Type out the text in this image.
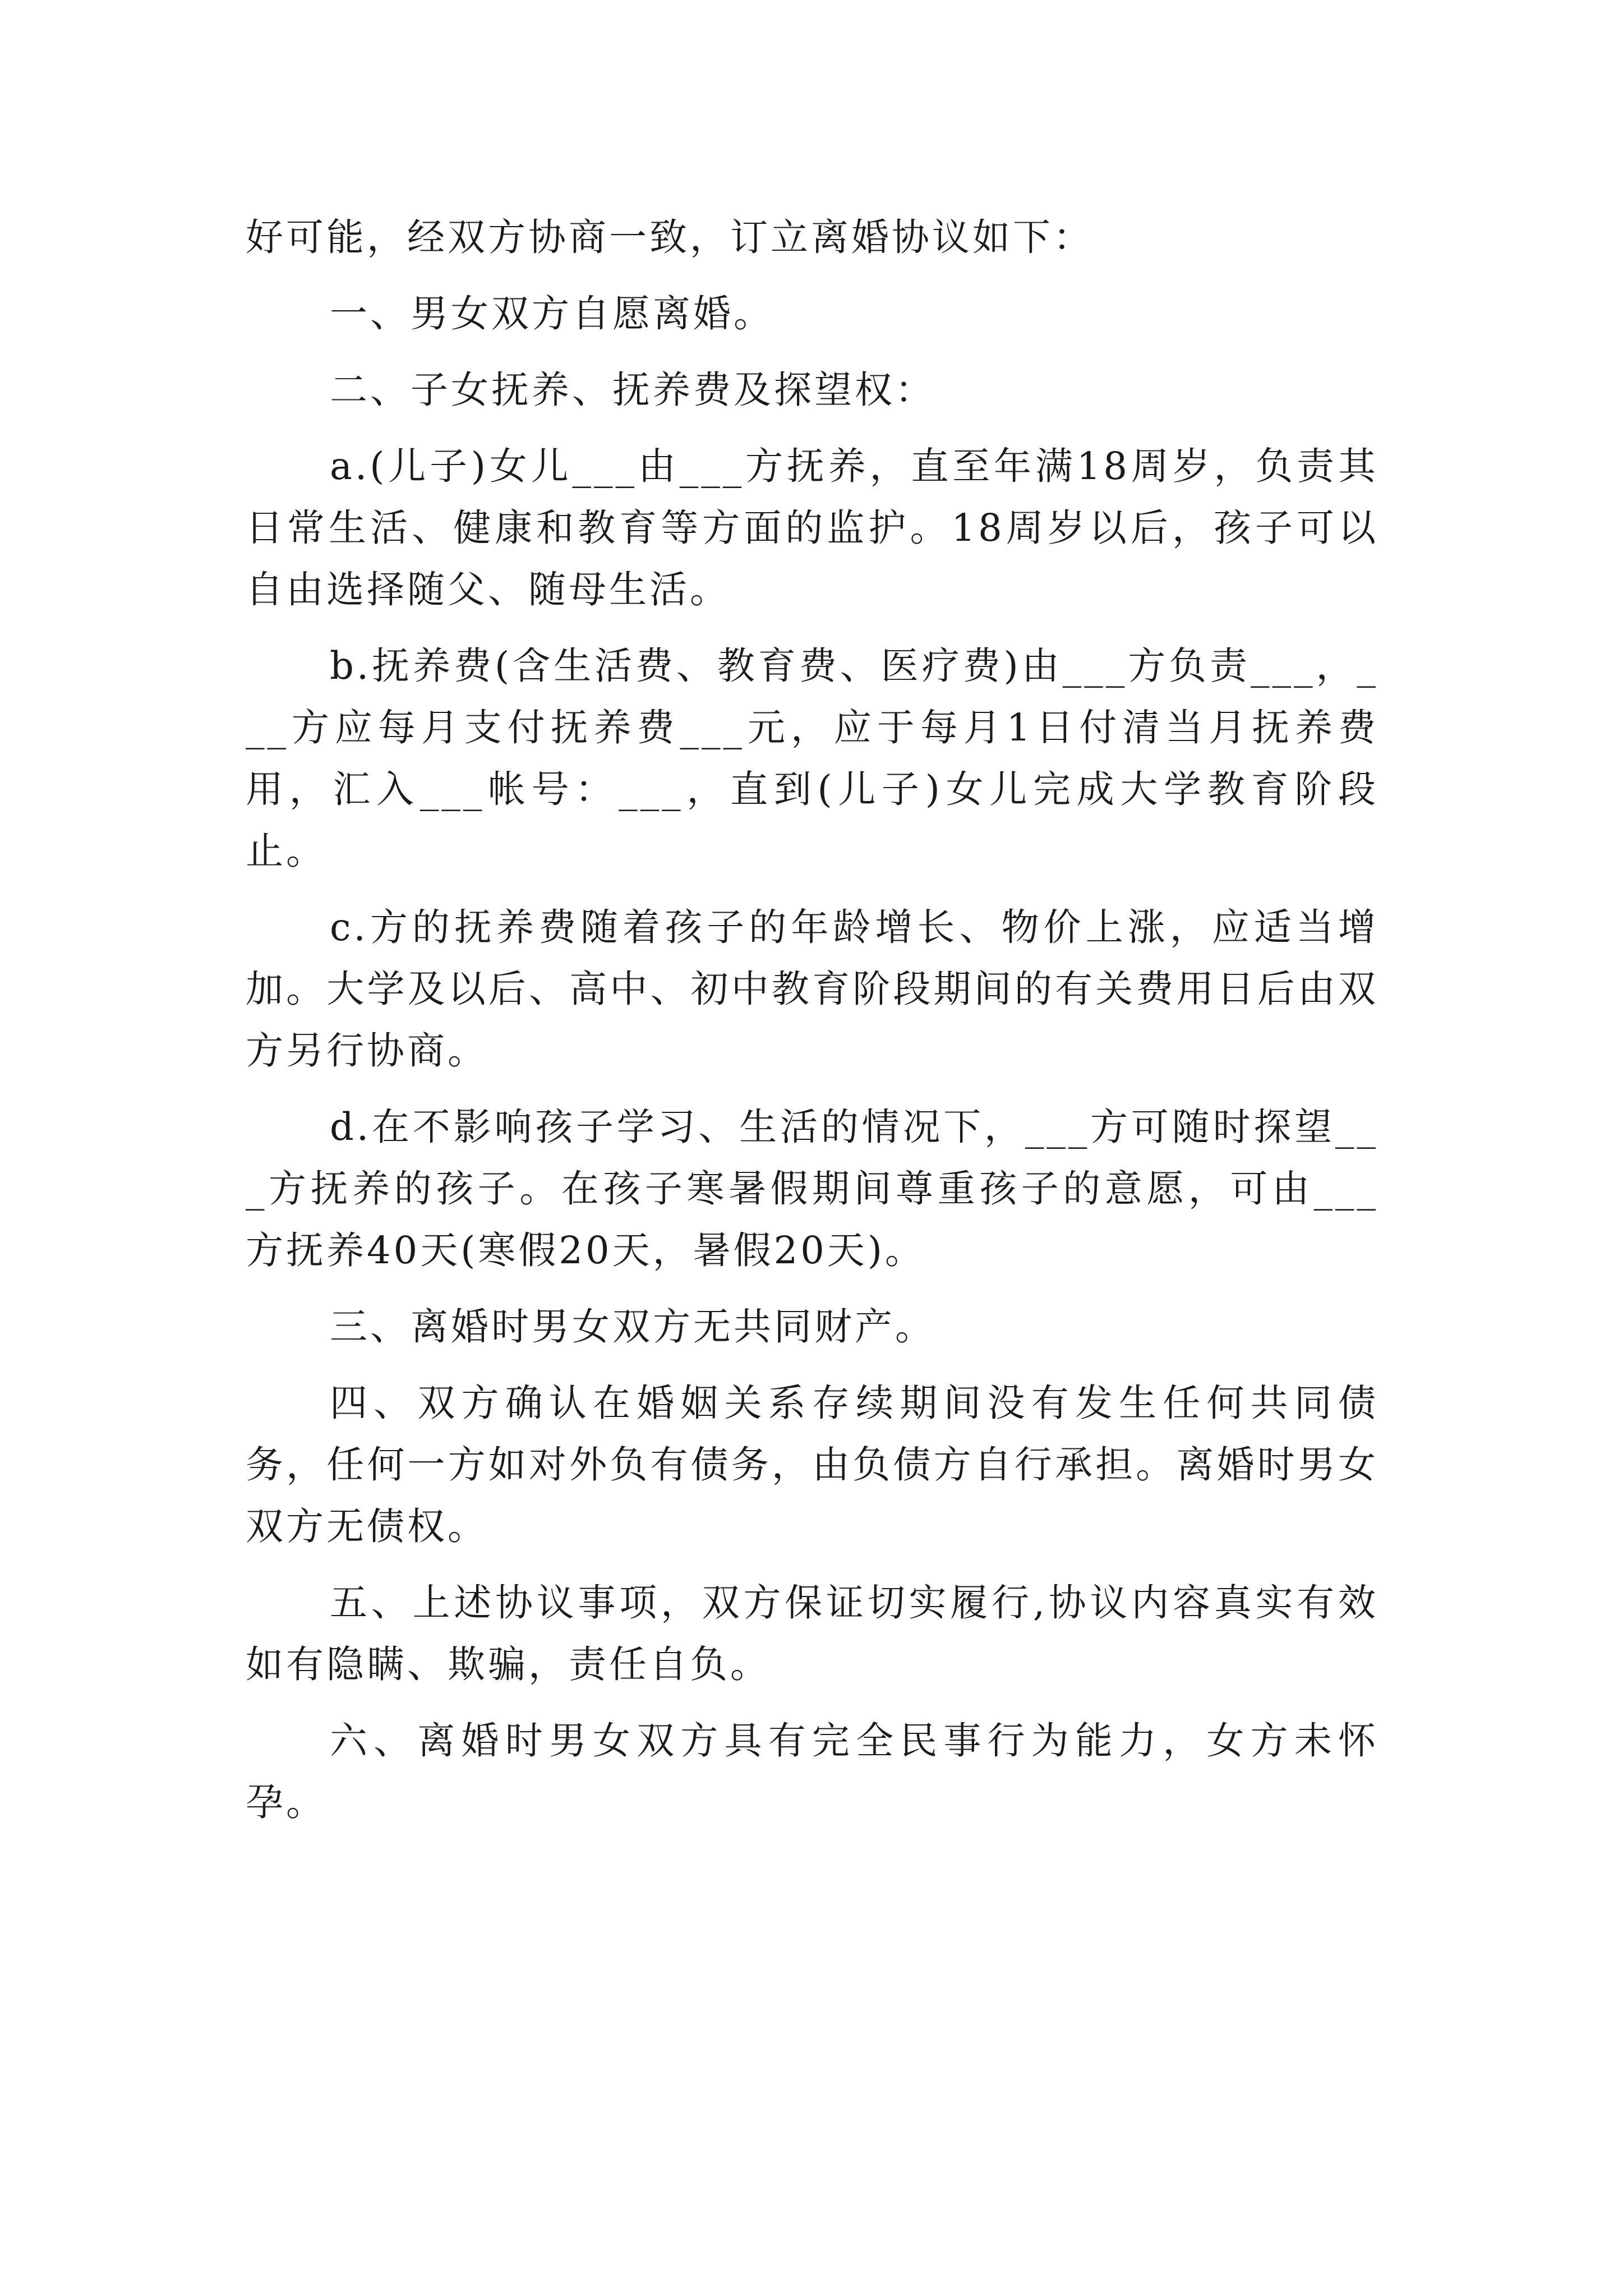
好可能，经双方协商一致，订立离婚协议如下：

一、男女双方自愿离婚。

二、子女抚养、抚养费及探望权：

a.(儿子)女儿___由___方抚养，直至年满18周岁，负责其日常生活、健康和教育等方面的监护。18周岁以后，孩子可以自由选择随父、随母生活。

b.抚养费(含生活费、教育费、医疗费)由___方负责___，___方应每月支付抚养费___元，应于每月1日付清当月抚养费用，汇入___帐号：___，直到(儿子)女儿完成大学教育阶段止。

c.方的抚养费随着孩子的年龄增长、物价上涨，应适当增加。大学及以后、高中、初中教育阶段期间的有关费用日后由双方另行协商。

d.在不影响孩子学习、生活的情况下，___方可随时探望___方抚养的孩子。在孩子寒暑假期间尊重孩子的意愿，可由___方抚养40天(寒假20天，暑假20天)。

三、离婚时男女双方无共同财产。

四、双方确认在婚姻关系存续期间没有发生任何共同债务，任何一方如对外负有债务，由负债方自行承担。离婚时男女双方无债权。

五、上述协议事项，双方保证切实履行,协议内容真实有效如有隐瞒、欺骗，责任自负。

六、离婚时男女双方具有完全民事行为能力，女方未怀孕。
